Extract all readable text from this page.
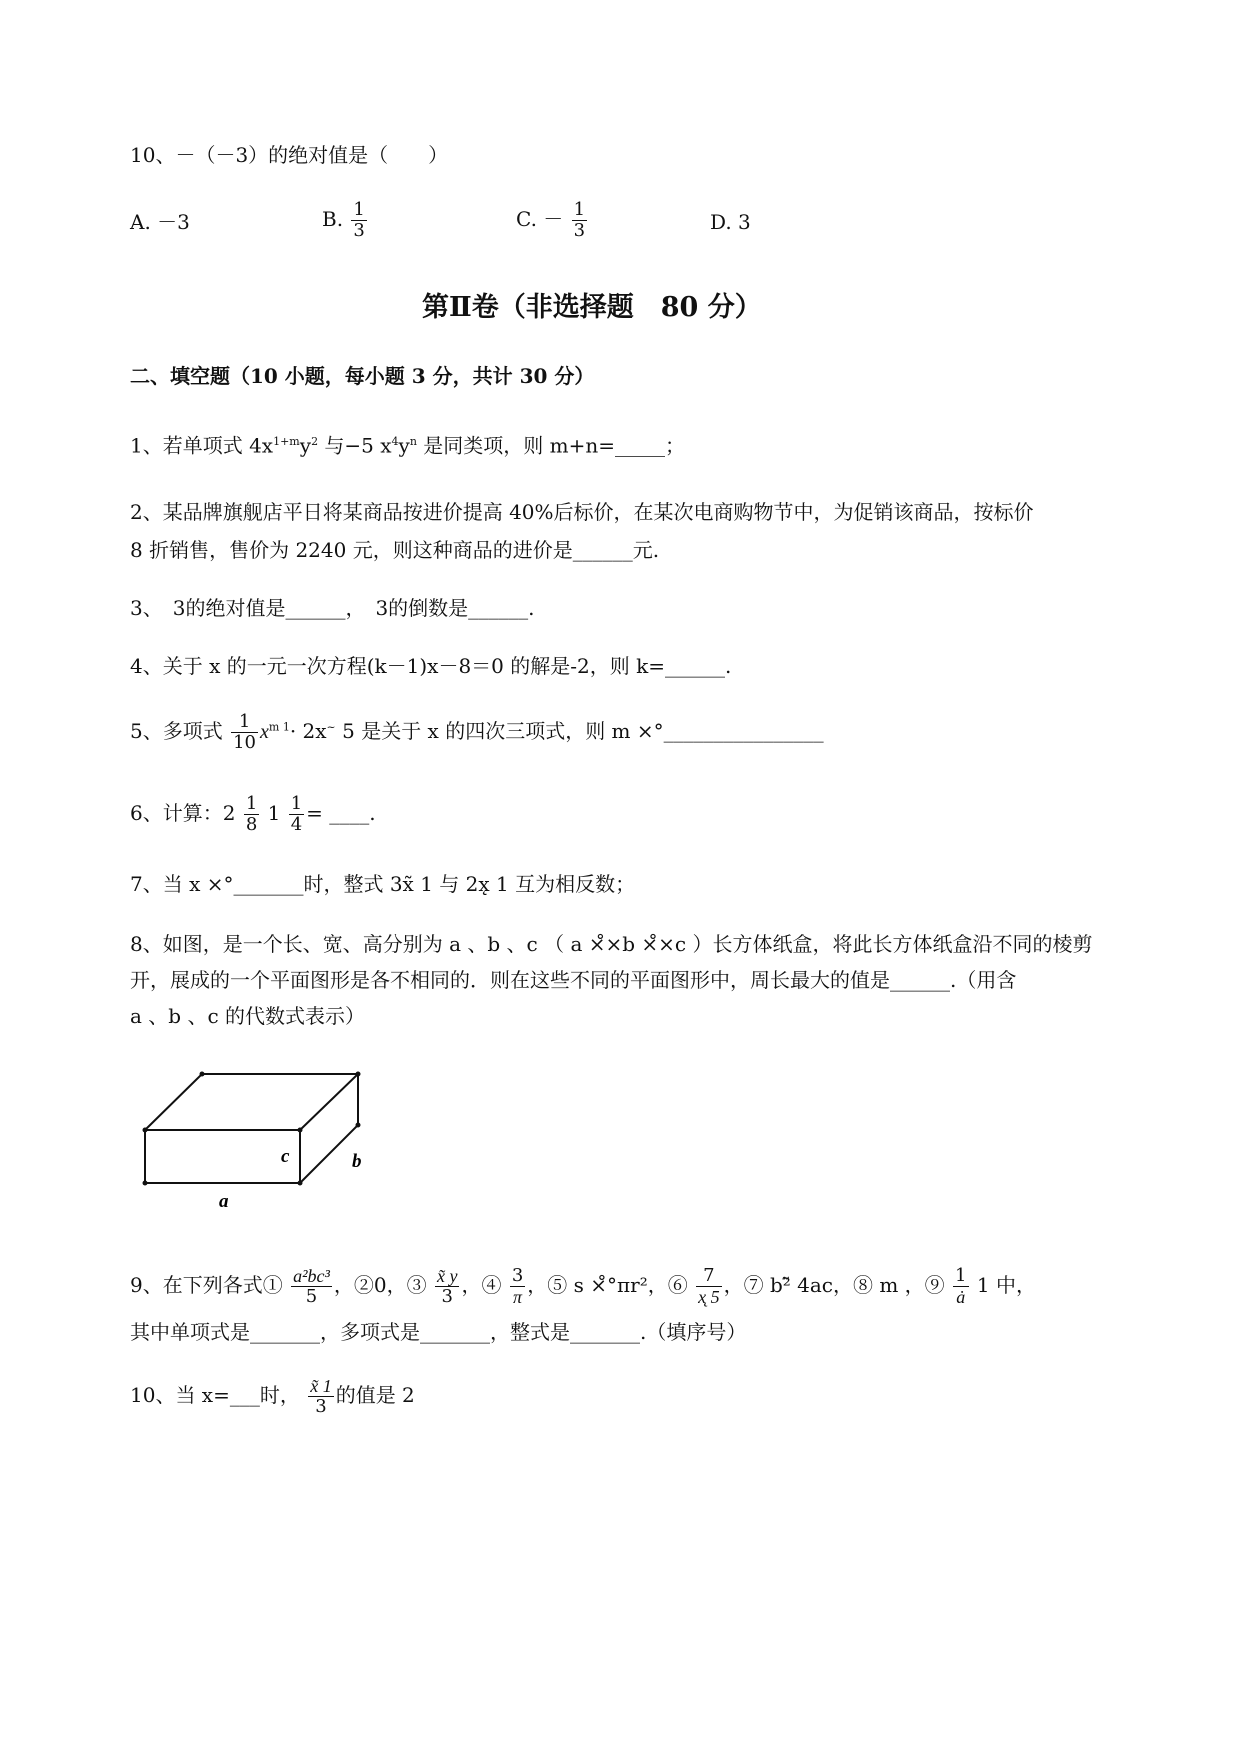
10、－（－3）的绝对值是（　　）
A. －3	B. $\frac{1}{3}$	C. － $\frac{1}{3}$	D. 3
第Ⅱ卷（非选择题　80 分）
二、填空题（10 小题，每小题 3 分，共计 30 分）
1、若单项式 $4x^{1+m}y^2$ 与−5 $x^4y^n$ 是同类项，则 m+n=_____；
2、某品牌旗舰店平日将某商品按进价提高 40%后标价，在某次电商购物节中，为促销该商品，按标价
8 折销售，售价为 2240 元，则这种商品的进价是______元.
3、　3的绝对值是______，　3的倒数是______.
4、关于 x 的一元一次方程(k－1)x－8＝0 的解是-2，则 k=______.
5、多项式 $\frac{1}{10} x^{m 1}\cdot 2x^\sim$ 5 是关于 x 的四次三项式，则 m ×°________________
6、计算：$2 \frac{1}{8} 1 \frac{1}{4}$ = ____.
7、当 x ×°_______时，整式 3x̃ 1 与 2x̨ 1 互为相反数；
8、如图，是一个长、宽、高分别为 a 、b 、c （ a ×̊×b ×̊×c ）长方体纸盒，将此长方体纸盒沿不同的棱剪
开，展成的一个平面图形是各不相同的．则在这些不同的平面图形中，周长最大的值是______.（用含
a 、b 、c 的代数式表示）
c	b
a
9、在下列各式① $\frac{\text{a²bc³}}{5}$ ，②0，③ $\frac{x̃ y}{3}$ ，④ $\frac{3}{\pi}$ ，⑤ s ×̊°πr²，⑥ $\frac{7}{x̨ 5}$ ，⑦ b²̃ 4ac，⑧ m ，⑨ $\frac{1}{ȧ} 1$ 中，
其中单项式是_______，多项式是_______，整式是_______.（填序号）
10、当 x=___时， $\frac{x̃ 1}{3}$ 的值是 2
